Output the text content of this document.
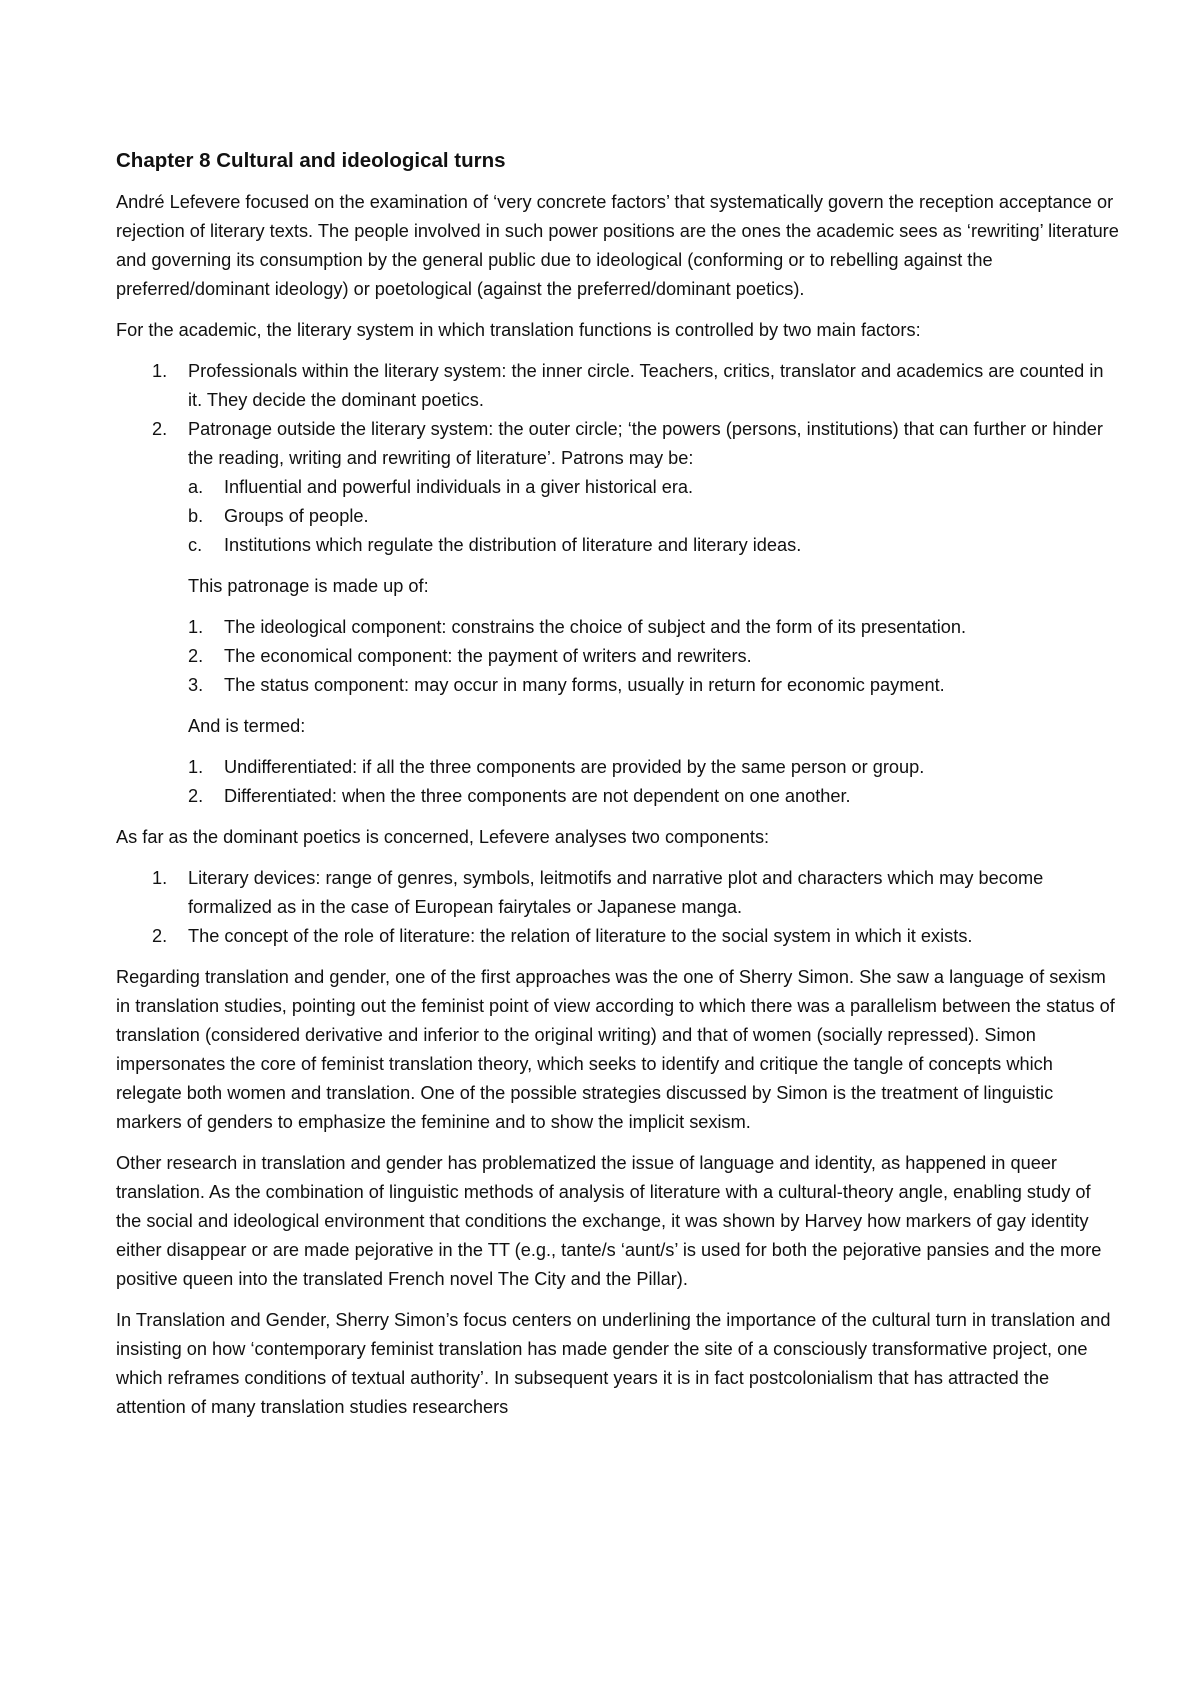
Chapter 8 Cultural and ideological turns

André Lefevere focused on the examination of ‘very concrete factors’ that systematically govern the reception acceptance or rejection of literary texts. The people involved in such power positions are the ones the academic sees as ‘rewriting’ literature and governing its consumption by the general public due to ideological (conforming or to rebelling against the preferred/dominant ideology) or poetological (against the preferred/dominant poetics).

For the academic, the literary system in which translation functions is controlled by two main factors:

1. Professionals within the literary system: the inner circle. Teachers, critics, translator and academics are counted in it. They decide the dominant poetics.
2. Patronage outside the literary system: the outer circle; ‘the powers (persons, institutions) that can further or hinder the reading, writing and rewriting of literature’. Patrons may be:
a. Influential and powerful individuals in a giver historical era.
b. Groups of people.
c. Institutions which regulate the distribution of literature and literary ideas.

This patronage is made up of:

1. The ideological component: constrains the choice of subject and the form of its presentation.
2. The economical component: the payment of writers and rewriters.
3. The status component: may occur in many forms, usually in return for economic payment.

And is termed:

1. Undifferentiated: if all the three components are provided by the same person or group.
2. Differentiated: when the three components are not dependent on one another.

As far as the dominant poetics is concerned, Lefevere analyses two components:

1. Literary devices: range of genres, symbols, leitmotifs and narrative plot and characters which may become formalized as in the case of European fairytales or Japanese manga.
2. The concept of the role of literature: the relation of literature to the social system in which it exists.

Regarding translation and gender, one of the first approaches was the one of Sherry Simon. She saw a language of sexism in translation studies, pointing out the feminist point of view according to which there was a parallelism between the status of translation (considered derivative and inferior to the original writing) and that of women (socially repressed). Simon impersonates the core of feminist translation theory, which seeks to identify and critique the tangle of concepts which relegate both women and translation. One of the possible strategies discussed by Simon is the treatment of linguistic markers of genders to emphasize the feminine and to show the implicit sexism.

Other research in translation and gender has problematized the issue of language and identity, as happened in queer translation. As the combination of linguistic methods of analysis of literature with a cultural-theory angle, enabling study of the social and ideological environment that conditions the exchange, it was shown by Harvey how markers of gay identity either disappear or are made pejorative in the TT (e.g., tante/s ‘aunt/s’ is used for both the pejorative pansies and the more positive queen into the translated French novel The City and the Pillar).

In Translation and Gender, Sherry Simon’s focus centers on underlining the importance of the cultural turn in translation and insisting on how ‘contemporary feminist translation has made gender the site of a consciously transformative project, one which reframes conditions of textual authority’. In subsequent years it is in fact postcolonialism that has attracted the attention of many translation studies researchers
